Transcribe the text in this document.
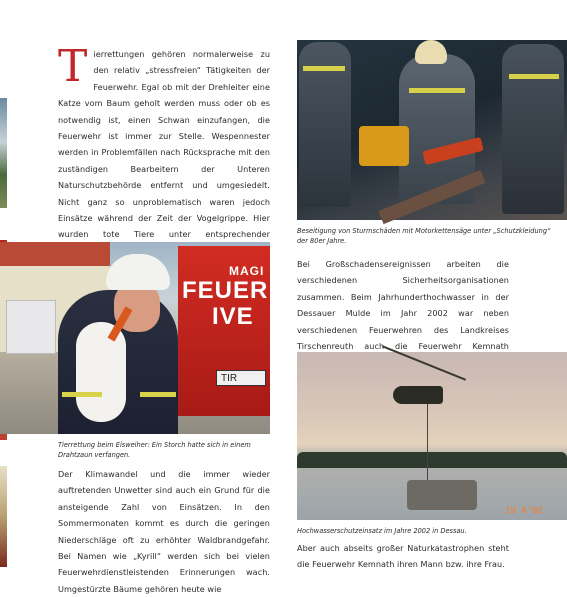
Tierrettungen gehören normalerweise zu den relativ „stressfreien“ Tätigkeiten der Feuerwehr. Egal ob mit der Drehleiter eine Katze vom Baum geholt werden muss oder ob es notwendig ist, einen Schwan einzufangen, die Feuerwehr ist immer zur Stelle. Wespennester werden in Problemfällen nach Rücksprache mit den zuständigen Bearbeitern der Unteren Naturschutzbehörde entfernt und umgesiedelt. Nicht ganz so unproblematisch waren jedoch Einsätze während der Zeit der Vogelgrippe. Hier wurden tote Tiere unter entsprechender

MAGI
FEUER
IVE
TIR

Tierrettung beim Eisweiher: Ein Storch hatte sich in einem Drahtzaun verfangen.

Der Klimawandel und die immer wieder auftretenden Unwetter sind auch ein Grund für die ansteigende Zahl von Einsätzen. In den Sommermonaten kommt es durch die geringen Niederschläge oft zu erhöhter Waldbrandgefahr. Bei Namen wie „Kyrill“ werden sich bei vielen Feuerwehrdienstleistenden Erinnerungen wach. Umgestürzte Bäume gehören heute wie

Beseitigung von Sturmschäden mit Motorkettensäge unter „Schutzkleidung“ der 80er Jahre.

Bei Großschadensereignissen arbeiten die verschiedenen Sicherheitsorganisationen zusammen. Beim Jahrhunderthochwasser in der Dessauer Mulde im Jahr 2002 war neben verschiedenen Feuerwehren des Landkreises Tirschenreuth auch die Feuerwehr Kemnath

19 8'02

Hochwasserschutzeinsatz im Jahre 2002 in Dessau.

Aber auch abseits großer Naturkatastrophen steht die Feuerwehr Kemnath ihren Mann bzw. ihre Frau.
